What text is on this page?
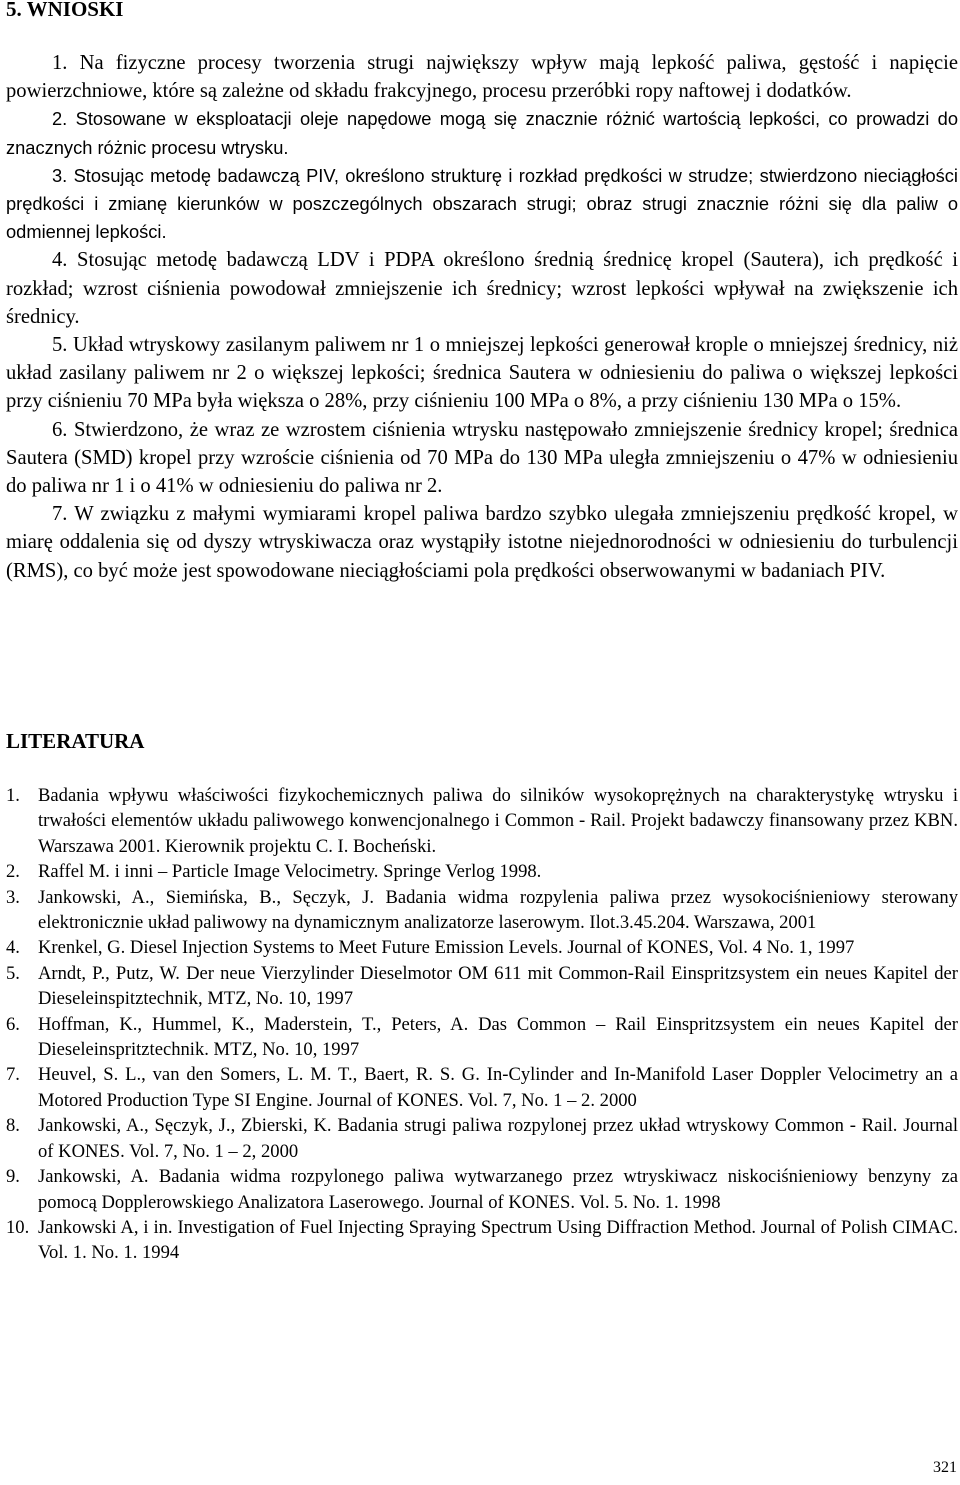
5. WNIOSKI

1. Na fizyczne procesy tworzenia strugi największy wpływ mają lepkość paliwa, gęstość i napięcie powierzchniowe, które są zależne od składu frakcyjnego, procesu przeróbki ropy naftowej i dodatków.

2. Stosowane w eksploatacji oleje napędowe mogą się znacznie różnić wartością lepkości, co prowadzi do znacznych różnic procesu wtrysku.

3. Stosując metodę badawczą PIV, określono strukturę i rozkład prędkości w strudze; stwierdzono nieciągłości prędkości i zmianę kierunków w poszczególnych obszarach strugi; obraz strugi znacznie różni się dla paliw o odmiennej lepkości.

4. Stosując metodę badawczą LDV i PDPA określono średnią średnicę kropel (Sautera), ich prędkość i rozkład; wzrost ciśnienia powodował zmniejszenie ich średnicy; wzrost lepkości wpływał na zwiększenie ich średnicy.

5. Układ wtryskowy zasilanym paliwem nr 1 o mniejszej lepkości generował krople o mniejszej średnicy, niż układ zasilany paliwem nr 2 o większej lepkości; średnica Sautera w odniesieniu do paliwa o większej lepkości przy ciśnieniu 70 MPa była większa o 28%, przy ciśnieniu 100 MPa o 8%, a przy ciśnieniu 130 MPa o 15%.

6. Stwierdzono, że wraz ze wzrostem ciśnienia wtrysku następowało zmniejszenie średnicy kropel; średnica Sautera (SMD) kropel przy wzroście ciśnienia od 70 MPa do 130 MPa uległa zmniejszeniu o 47% w odniesieniu do paliwa nr 1 i o 41% w odniesieniu do paliwa nr 2.

7. W związku z małymi wymiarami kropel paliwa bardzo szybko ulegała zmniejszeniu prędkość kropel, w miarę oddalenia się od dyszy wtryskiwacza oraz wystąpiły istotne niejednorodności w odniesieniu do turbulencji (RMS), co być może jest spowodowane nieciągłościami pola prędkości obserwowanymi w badaniach PIV.

LITERATURA
1. Badania wpływu właściwości fizykochemicznych paliwa do silników wysokoprężnych na charakterystykę wtrysku i trwałości elementów układu paliwowego konwencjonalnego i Common - Rail. Projekt badawczy finansowany przez KBN. Warszawa 2001. Kierownik projektu C. I. Bocheński.
2. Raffel M. i inni – Particle Image Velocimetry. Springe Verlog 1998.
3. Jankowski, A., Siemińska, B., Sęczyk, J. Badania widma rozpylenia paliwa przez wysokociśnieniowy sterowany elektronicznie układ paliwowy na dynamicznym analizatorze laserowym. Ilot.3.45.204. Warszawa, 2001
4. Krenkel, G. Diesel Injection Systems to Meet Future Emission Levels. Journal of KONES, Vol. 4 No. 1, 1997
5. Arndt, P., Putz, W. Der neue Vierzylinder Dieselmotor OM 611 mit Common-Rail Einspritzsystem ein neues Kapitel der Dieseleinspitztechnik, MTZ, No. 10, 1997
6. Hoffman, K., Hummel, K., Maderstein, T., Peters, A. Das Common – Rail Einspritzsystem ein neues Kapitel der Dieseleinspritztechnik. MTZ, No. 10, 1997
7. Heuvel, S. L., van den Somers, L. M. T., Baert, R. S. G. In-Cylinder and In-Manifold Laser Doppler Velocimetry an a Motored Production Type SI Engine. Journal of KONES. Vol. 7, No. 1 – 2. 2000
8. Jankowski, A., Sęczyk, J., Zbierski, K. Badania strugi paliwa rozpylonej przez układ wtryskowy Common - Rail. Journal of KONES. Vol. 7, No. 1 – 2, 2000
9. Jankowski, A. Badania widma rozpylonego paliwa wytwarzanego przez wtryskiwacz niskociśnieniowy benzyny za pomocą Dopplerowskiego Analizatora Laserowego. Journal of KONES. Vol. 5. No. 1. 1998
10. Jankowski A, i in. Investigation of Fuel Injecting Spraying Spectrum Using Diffraction Method. Journal of Polish CIMAC. Vol. 1. No. 1. 1994
321
